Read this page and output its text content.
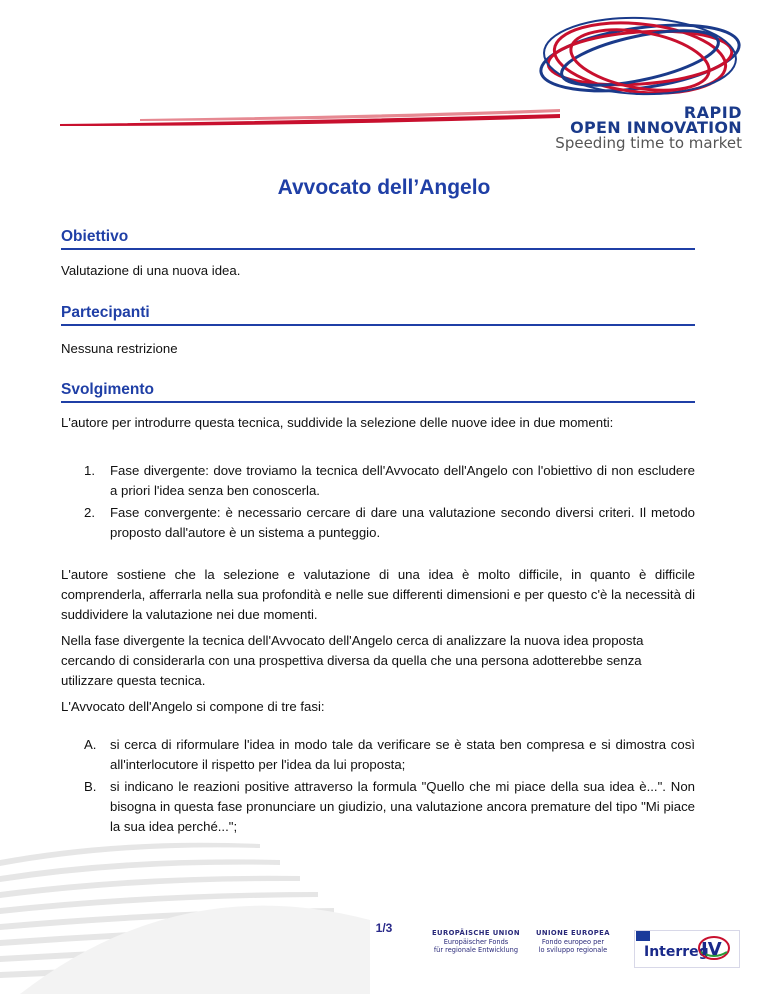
RAPID
OPEN INNOVATION
Speeding time to market
Avvocato dell’Angelo
Obiettivo
Valutazione di una nuova idea.
Partecipanti
Nessuna restrizione
Svolgimento
L'autore per introdurre questa tecnica, suddivide la selezione delle nuove idee in due momenti:
1. Fase divergente: dove troviamo la tecnica dell'Avvocato dell'Angelo con l'obiettivo di non escludere a priori l'idea senza ben conoscerla.
2. Fase convergente: è necessario cercare di dare una valutazione secondo diversi criteri. Il metodo proposto dall'autore è un sistema a punteggio.
L'autore sostiene che la selezione e valutazione di una idea è molto difficile, in quanto è difficile comprenderla, afferrarla nella sua profondità e nelle sue differenti dimensioni e per questo c'è la necessità di suddividere la valutazione nei due momenti.
Nella fase divergente la tecnica dell'Avvocato dell'Angelo cerca di analizzare la nuova idea proposta cercando di considerarla con una prospettiva diversa da quella che una persona adotterebbe senza utilizzare questa tecnica.
L'Avvocato dell'Angelo si compone di tre fasi:
A. si cerca di riformulare l'idea in modo tale da verificare se è stata ben compresa e si dimostra così all'interlocutore il rispetto per l'idea da lui proposta;
B. si indicano le reazioni positive attraverso la formula "Quello che mi piace della sua idea è...". Non bisogna in questa fase pronunciare un giudizio, una valutazione ancora premature del tipo "Mi piace la sua idea perché...";
1/3	EUROPÄISCHE UNION
Europäischer Fonds
für regionale Entwicklung
UNIONE EUROPEA
Fondo europeo per
lo sviluppo regionale	Interreg
IV
